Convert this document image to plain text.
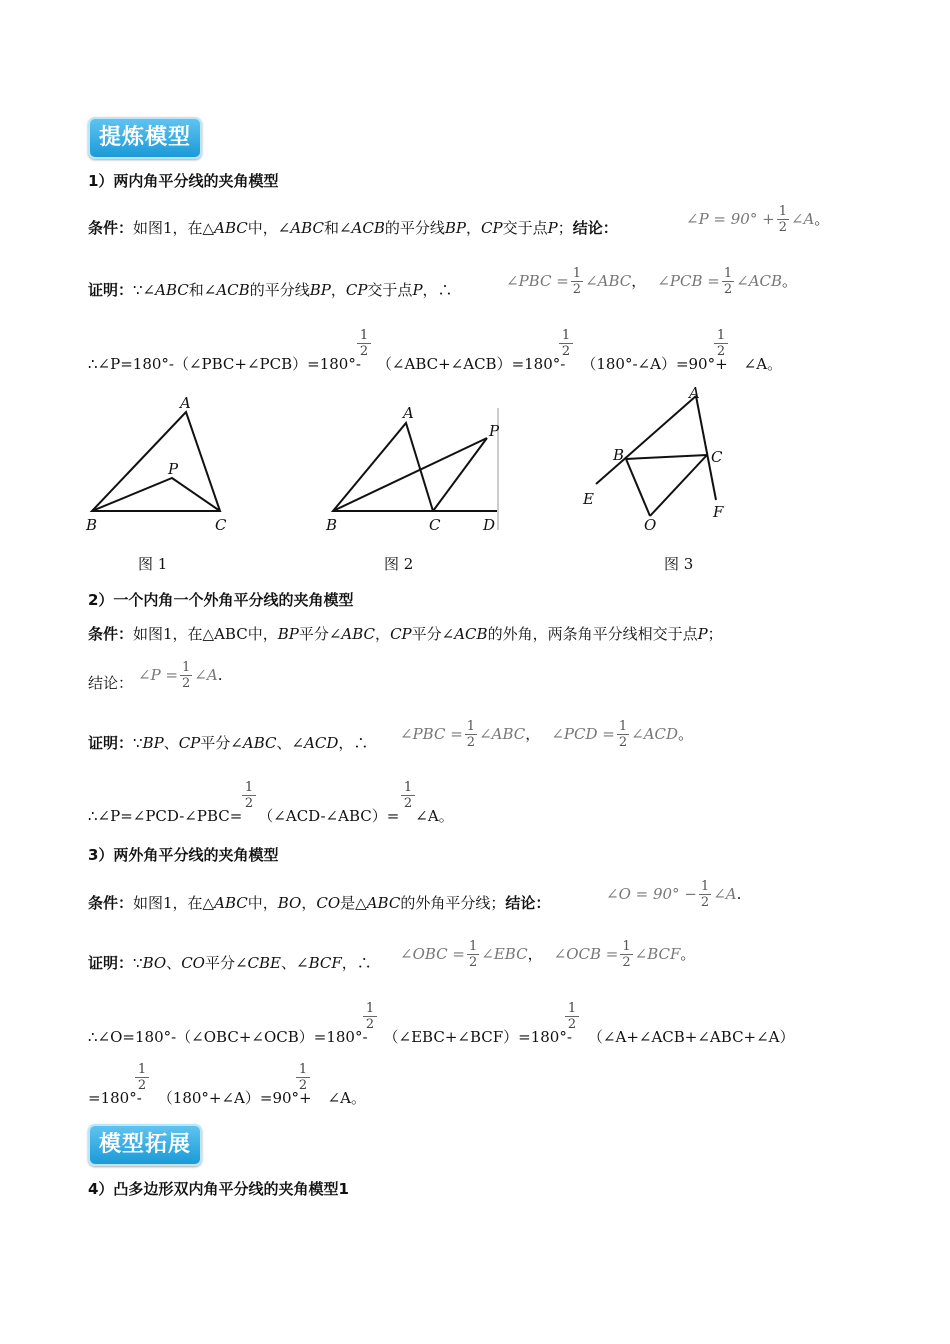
提炼模型
1）两内角平分线的夹角模型
条件：如图1，在△ABC中，∠ABC和∠ACB的平分线BP，CP交于点P；结论：	∠P = $90^\circ + \frac{1}{2}$ ∠A。
证明：∵∠ABC和∠ACB的平分线BP，CP交于点P，∴	∠PBC = $\frac{1}{2}$ ∠ABC， ∠PCB = $\frac{1}{2}$ ∠ACB。
∴∠P=180°-（∠PBC+∠PCB）=180°- （∠ABC+∠ACB）=180°- （180°-∠A）=90°+ ∠A。
1
2
1
2
1
2
A
B	C
P
A
B	C	D
P
A
B	C
E
F
O
图 1	图 2	图 3
2）一个内角一个外角平分线的夹角模型
条件：如图1，在△ABC中，BP平分∠ABC，CP平分∠ACB的外角，两条角平分线相交于点P；
结论： ∠P = $\frac{1}{2}$ ∠A.
证明：∵BP、CP平分∠ABC、∠ACD，∴ ∠PBC = $\frac{1}{2}$ ∠ABC， ∠PCD = $\frac{1}{2}$ ∠ACD。
∴∠P=∠PCD-∠PBC= （∠ACD-∠ABC）= ∠A。
1
2
1
2
3）两外角平分线的夹角模型
条件：如图1，在△ABC中，BO，CO是△ABC的外角平分线；结论：	∠O = $90^\circ - \frac{1}{2}$ ∠A.
证明：∵BO、CO平分∠CBE、∠BCF，∴ ∠OBC = $\frac{1}{2}$ ∠EBC， ∠OCB = $\frac{1}{2}$ ∠BCF。
∴∠O=180°-（∠OBC+∠OCB）=180°- （∠EBC+∠BCF）=180°- （∠A+∠ACB+∠ABC+∠A）
1
2
1
2
=180°- （180°+∠A）=90°+ ∠A。
1
2
1
2
模型拓展
4）凸多边形双内角平分线的夹角模型1
